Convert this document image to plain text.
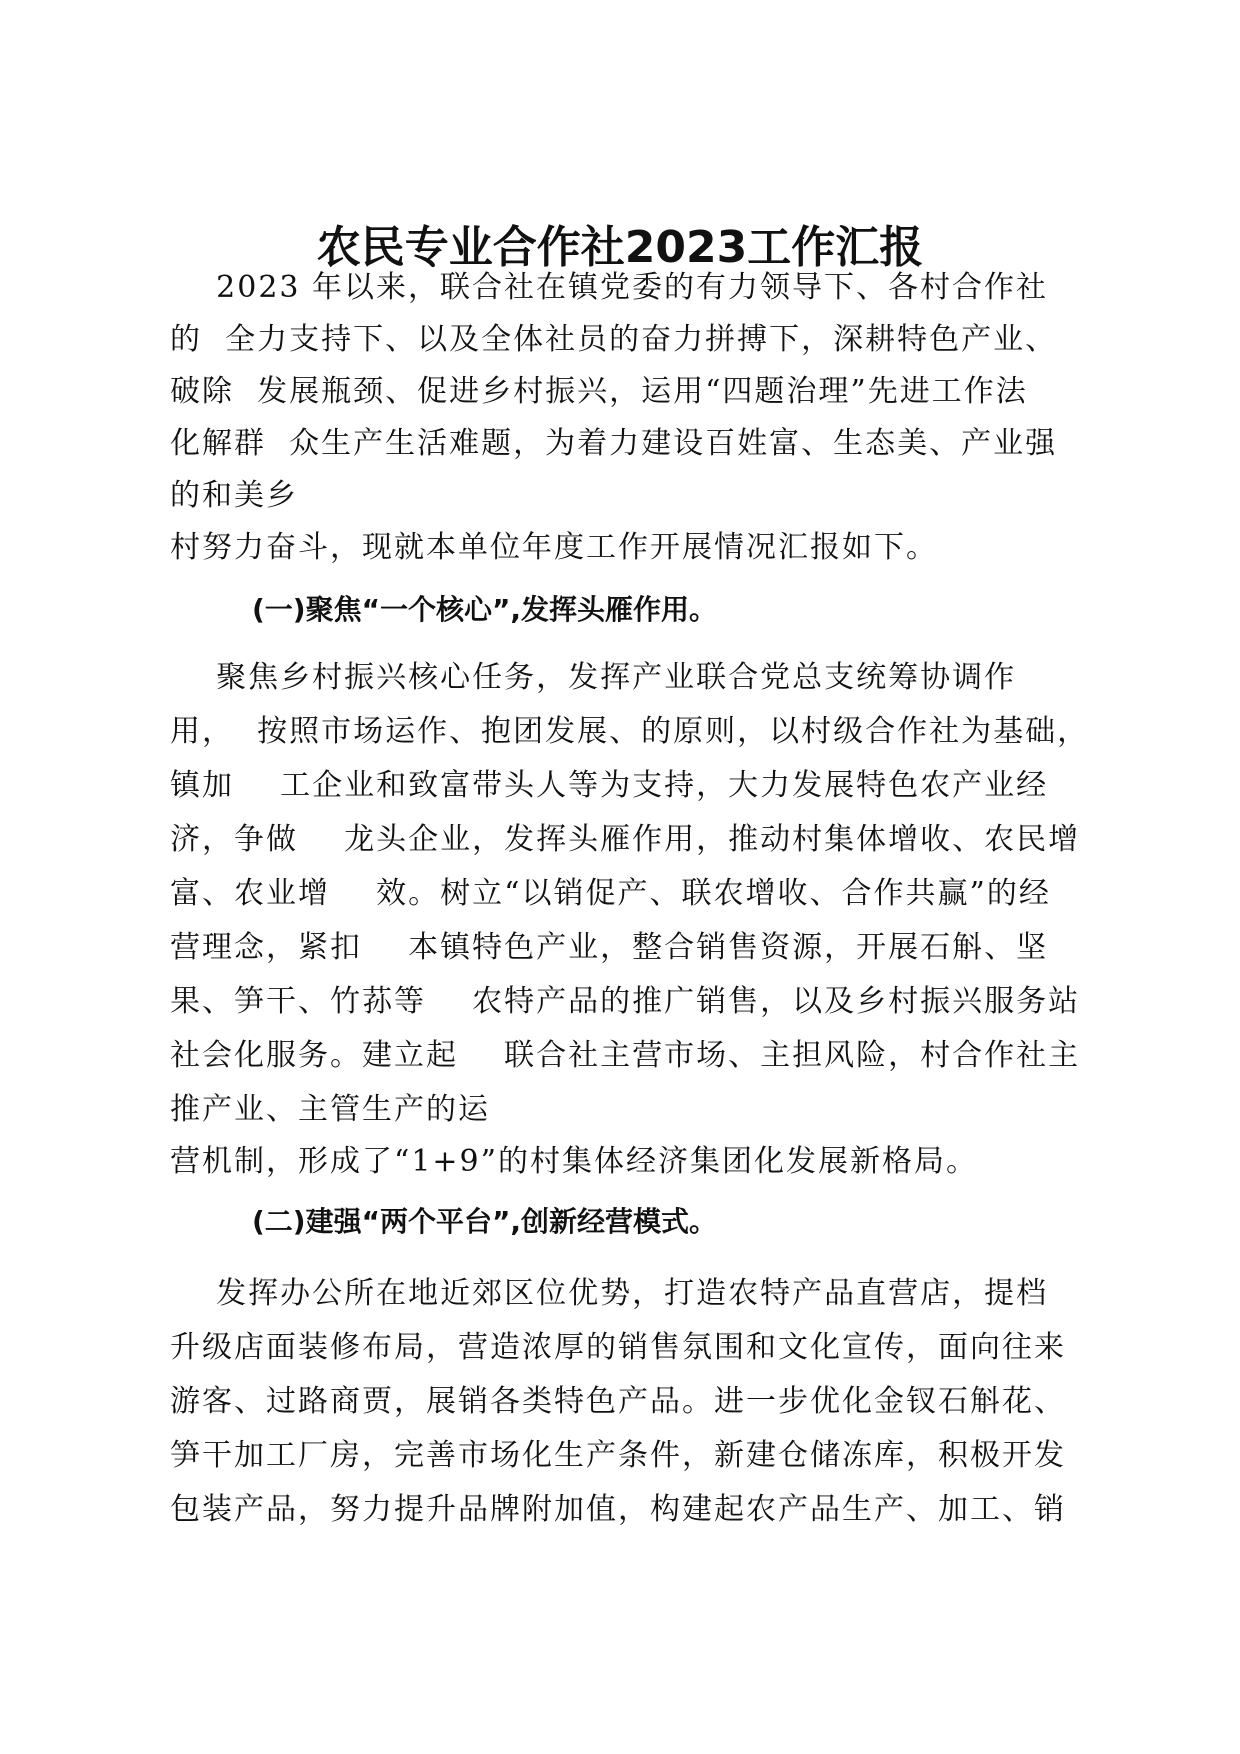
农民专业合作社2023工作汇报
2023 年以来，联合社在镇党委的有力领导下、各村合作社
的  全力支持下、以及全体社员的奋力拼搏下，深耕特色产业、
破除  发展瓶颈、促进乡村振兴，运用“四题治理”先进工作法
化解群  众生产生活难题，为着力建设百姓富、生态美、产业强
的和美乡
村努力奋斗，现就本单位年度工作开展情况汇报如下。
(一)聚焦“一个核心”,发挥头雁作用。
聚焦乡村振兴核心任务，发挥产业联合党总支统筹协调作
用，  按照市场运作、抱团发展、的原则，以村级合作社为基础，
镇加    工企业和致富带头人等为支持，大力发展特色农产业经
济，争做    龙头企业，发挥头雁作用，推动村集体增收、农民增
富、农业增    效。树立“以销促产、联农增收、合作共赢”的经
营理念，紧扣    本镇特色产业，整合销售资源，开展石斛、坚
果、笋干、竹荪等    农特产品的推广销售，以及乡村振兴服务站
社会化服务。建立起    联合社主营市场、主担风险，村合作社主
推产业、主管生产的运
营机制，形成了“1+9”的村集体经济集团化发展新格局。
(二)建强“两个平台”,创新经营模式。
发挥办公所在地近郊区位优势，打造农特产品直营店，提档
升级店面装修布局，营造浓厚的销售氛围和文化宣传，面向往来
游客、过路商贾，展销各类特色产品。进一步优化金钗石斛花、
笋干加工厂房，完善市场化生产条件，新建仓储冻库，积极开发
包装产品，努力提升品牌附加值，构建起农产品生产、加工、销
